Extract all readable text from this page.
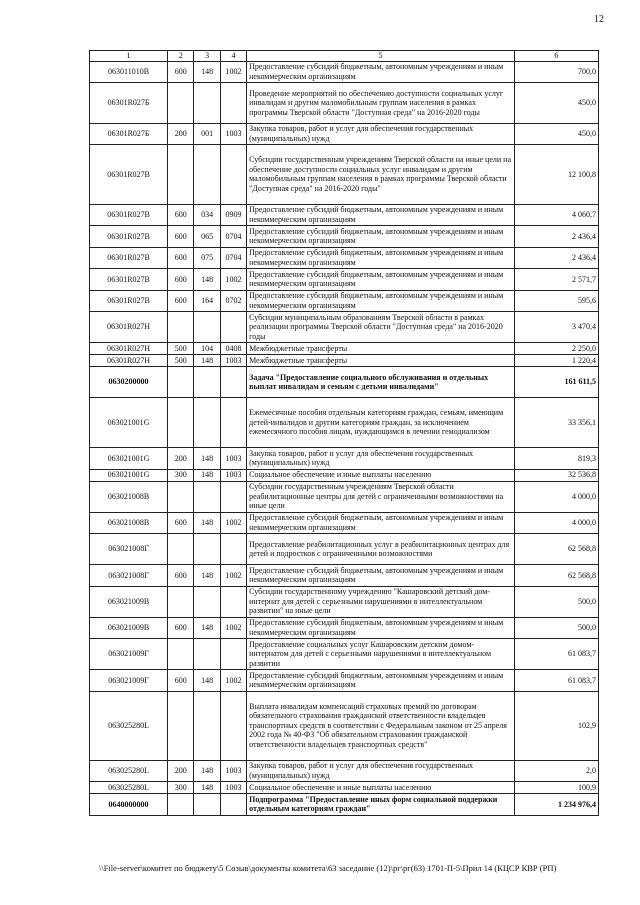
12
1	2	3	4	5	6
063011010В	600	148	1002	Предоставление субсидий бюджетным, автономным учреждениям и иным некоммерческим организациям	700,0
06301R027Б				Проведение мероприятий по обеспечению доступности социальных услуг инвалидам и другим маломобильным группам населения в рамках программы Тверской области "Доступная среда" на 2016-2020 годы	450,0
06301R027Б	200	001	1003	Закупка товаров, работ и услуг для обеспечения государственных (муниципальных) нужд	450,0
06301R027В				Субсидии государственным учреждениям Тверской области на иные цели на обеспечение доступности социальных услуг инвалидам и другим маломобильным группам населения в рамках программы Тверской области "Доступная среда" на 2016-2020 годы"	12 100,8
06301R027В	600	034	0909	Предоставление субсидий бюджетным, автономным учреждениям и иным некоммерческим организациям	4 060,7
06301R027В	600	065	0704	Предоставление субсидий бюджетным, автономным учреждениям и иным некоммерческим организациям	2 436,4
06301R027В	600	075	0704	Предоставление субсидий бюджетным, автономным учреждениям и иным некоммерческим организациям	2 436,4
06301R027В	600	148	1002	Предоставление субсидий бюджетным, автономным учреждениям и иным некоммерческим организациям	2 571,7
06301R027В	600	164	0702	Предоставление субсидий бюджетным, автономным учреждениям и иным некоммерческим организациям	595,6
06301R027Н				Субсидии муниципальным образованиям Тверской области в рамках реализации программы Тверской области "Доступная среда" на 2016-2020 годы	3 470,4
06301R027Н	500	104	0408	Межбюджетные трансферты	2 250,0
06301R027Н	500	148	1003	Межбюджетные трансферты	1 220,4
0630200000				Задача "Предоставление социального обслуживания и отдельных выплат инвалидам и семьям с детьми инвалидами"	161 611,5
063021001G				Ежемесячные пособия отдельным категориям граждан, семьям, имеющим детей-инвалидов и другим категориям граждан, за исключением ежемесячного пособия лицам, нуждающимся в лечении гемодиализом	33 356,1
063021001G	200	148	1003	Закупка товаров, работ и услуг для обеспечения государственных (муниципальных) нужд	819,3
063021001G	300	148	1003	Социальное обеспечение и иные выплаты населению	32 536,8
063021008В				Субсидии государственным учреждениям Тверской области реабилитационные центры для детей с ограниченными возможностями на иные цели	4 000,0
063021008В	600	148	1002	Предоставление субсидий бюджетным, автономным учреждениям и иным некоммерческим организациям	4 000,0
063021008Г				Предоставление реабилитационных услуг в реабилитационных центрах для детей и подростков с ограниченными возможностями	62 568,8
063021008Г	600	148	1002	Предоставление субсидий бюджетным, автономным учреждениям и иным некоммерческим организациям	62 568,8
063021009В				Субсидии государственному учреждению "Кашаровский детский дом-интернат для детей с серьезными нарушениями в интеллектуальном развитии" на иные цели	500,0
063021009В	600	148	1002	Предоставление субсидий бюджетным, автономным учреждениям и иным некоммерческим организациям	500,0
063021009Г				Предоставление социальных услуг Кашаровским детским домом-интернатом для детей с серьезными нарушениями в интеллектуальном развитии	61 083,7
063021009Г	600	148	1002	Предоставление субсидий бюджетным, автономным учреждениям и иным некоммерческим организациям	61 083,7
063025280L				Выплата инвалидам компенсаций страховых премий по договорам обязательного страхования гражданской ответственности владельцев транспортных средств в соответствии с Федеральным законом от 25 апреля 2002 года № 40-ФЗ "Об обязательном страховании гражданской ответственности владельцев транспортных средств"	102,9
063025280L	200	148	1003	Закупка товаров, работ и услуг для обеспечения государственных (муниципальных) нужд	2,0
063025280L	300	148	1003	Социальное обеспечение и иные выплаты населению	100,9
0640000000				Подпрограмма "Предоставление иных форм социальной поддержки отдельным категориям граждан"	1 234 976,4
\\File-server\комитет по бюджету\5 Созыв\документы комитета\63 заседание (12)\рг\рг(63) 1701-П-5\Прил 14 (КЦСР КВР (РП)
